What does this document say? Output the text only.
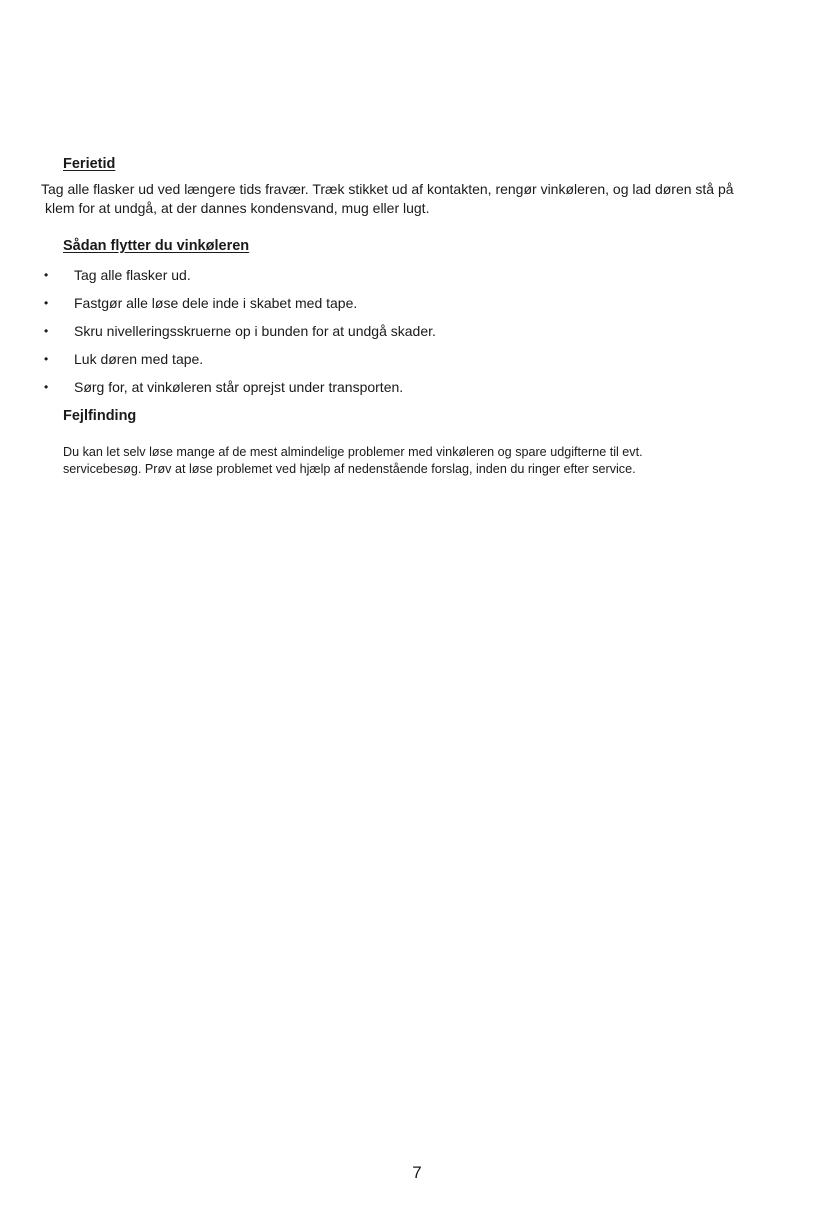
Ferietid
Tag alle flasker ud ved længere tids fravær. Træk stikket ud af kontakten, rengør vinkøleren, og lad døren stå på
klem for at undgå, at der dannes kondensvand, mug eller lugt.
Sådan flytter du vinkøleren
• Tag alle flasker ud.
• Fastgør alle løse dele inde i skabet med tape.
• Skru nivelleringsskruerne op i bunden for at undgå skader.
• Luk døren med tape.
• Sørg for, at vinkøleren står oprejst under transporten.
Fejlfinding
Du kan let selv løse mange af de mest almindelige problemer med vinkøleren og spare udgifterne til evt.
servicebesøg. Prøv at løse problemet ved hjælp af nedenstående forslag, inden du ringer efter service.
7
